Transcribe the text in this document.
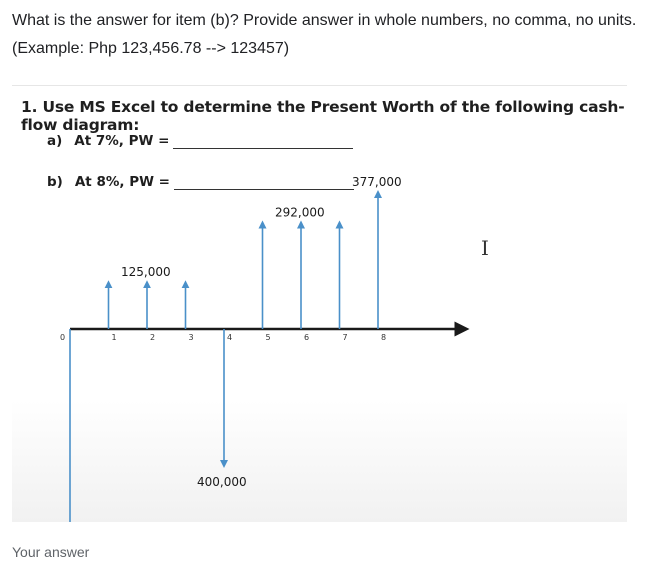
What is the answer for item (b)? Provide answer in whole numbers, no comma, no units. (Example: Php 123,456.78 --> 123457)
1. Use MS Excel to determine the Present Worth of the following cash-flow diagram:
a) At 7%, PW =
b) At 8%, PW =
0	1	2	3	4	5	6	7	8
125,000
400,000
292,000
377,000
I
Your answer
